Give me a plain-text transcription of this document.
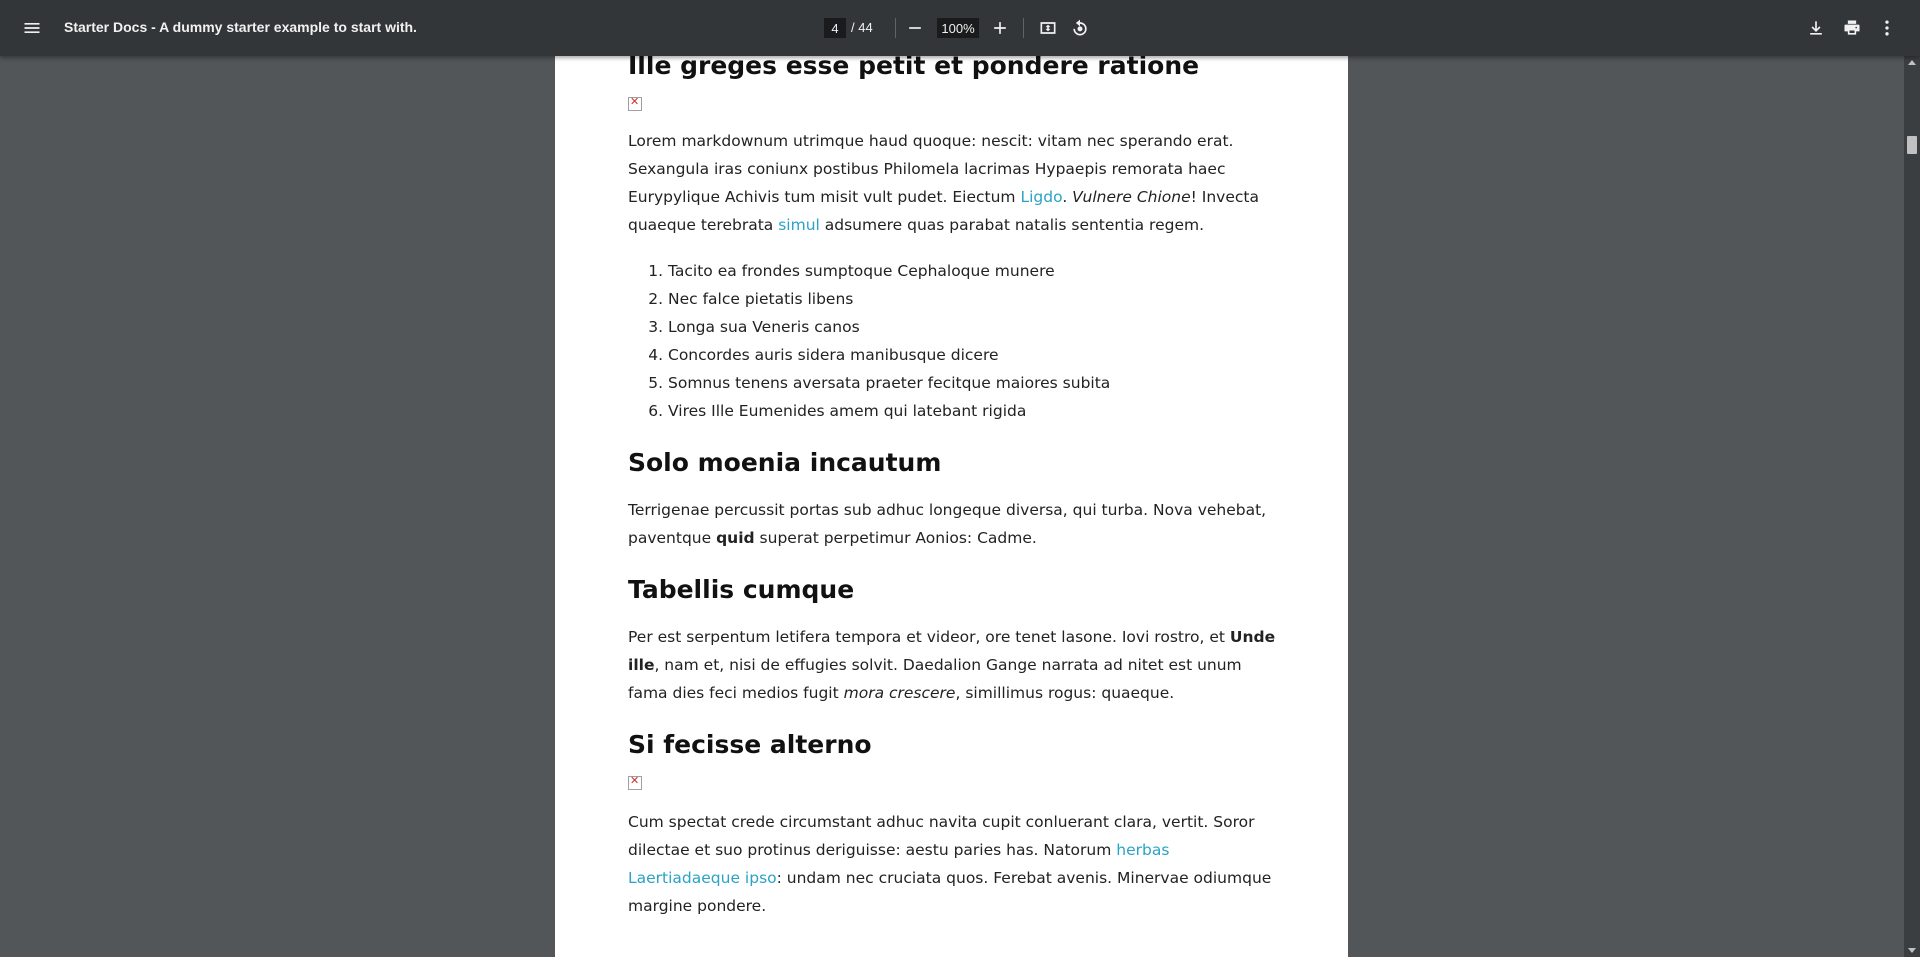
Starter Docs - A dummy starter example to start with.
4	/ 44
100%
Ille greges esse petit et pondere ratione
✕

Lorem markdownum utrimque haud quoque: nescit: vitam nec sperando erat. Sexangula iras coniunx postibus Philomela lacrimas Hypaepis remorata haec Eurypylique Achivis tum misit vult pudet. Eiectum Ligdo. Vulnere Chione! Invecta quaeque terebrata simul adsumere quas parabat natalis sententia regem.

1. Tacito ea frondes sumptoque Cephaloque munere
2. Nec falce pietatis libens
3. Longa sua Veneris canos
4. Concordes auris sidera manibusque dicere
5. Somnus tenens aversata praeter fecitque maiores subita
6. Vires Ille Eumenides amem qui latebant rigida
Solo moenia incautum

Terrigenae percussit portas sub adhuc longeque diversa, qui turba. Nova vehebat, paventque quid superat perpetimur Aonios: Cadme.

Tabellis cumque

Per est serpentum letifera tempora et videor, ore tenet lasone. Iovi rostro, et Unde ille, nam et, nisi de effugies solvit. Daedalion Gange narrata ad nitet est unum fama dies feci medios fugit mora crescere, simillimus rogus: quaeque.

Si fecisse alterno
✕

Cum spectat crede circumstant adhuc navita cupit conluerant clara, vertit. Soror dilectae et suo protinus deriguisse: aestu paries has. Natorum herbas Laertiadaeque ipso: undam nec cruciata quos. Ferebat avenis. Minervae odiumque margine pondere.
